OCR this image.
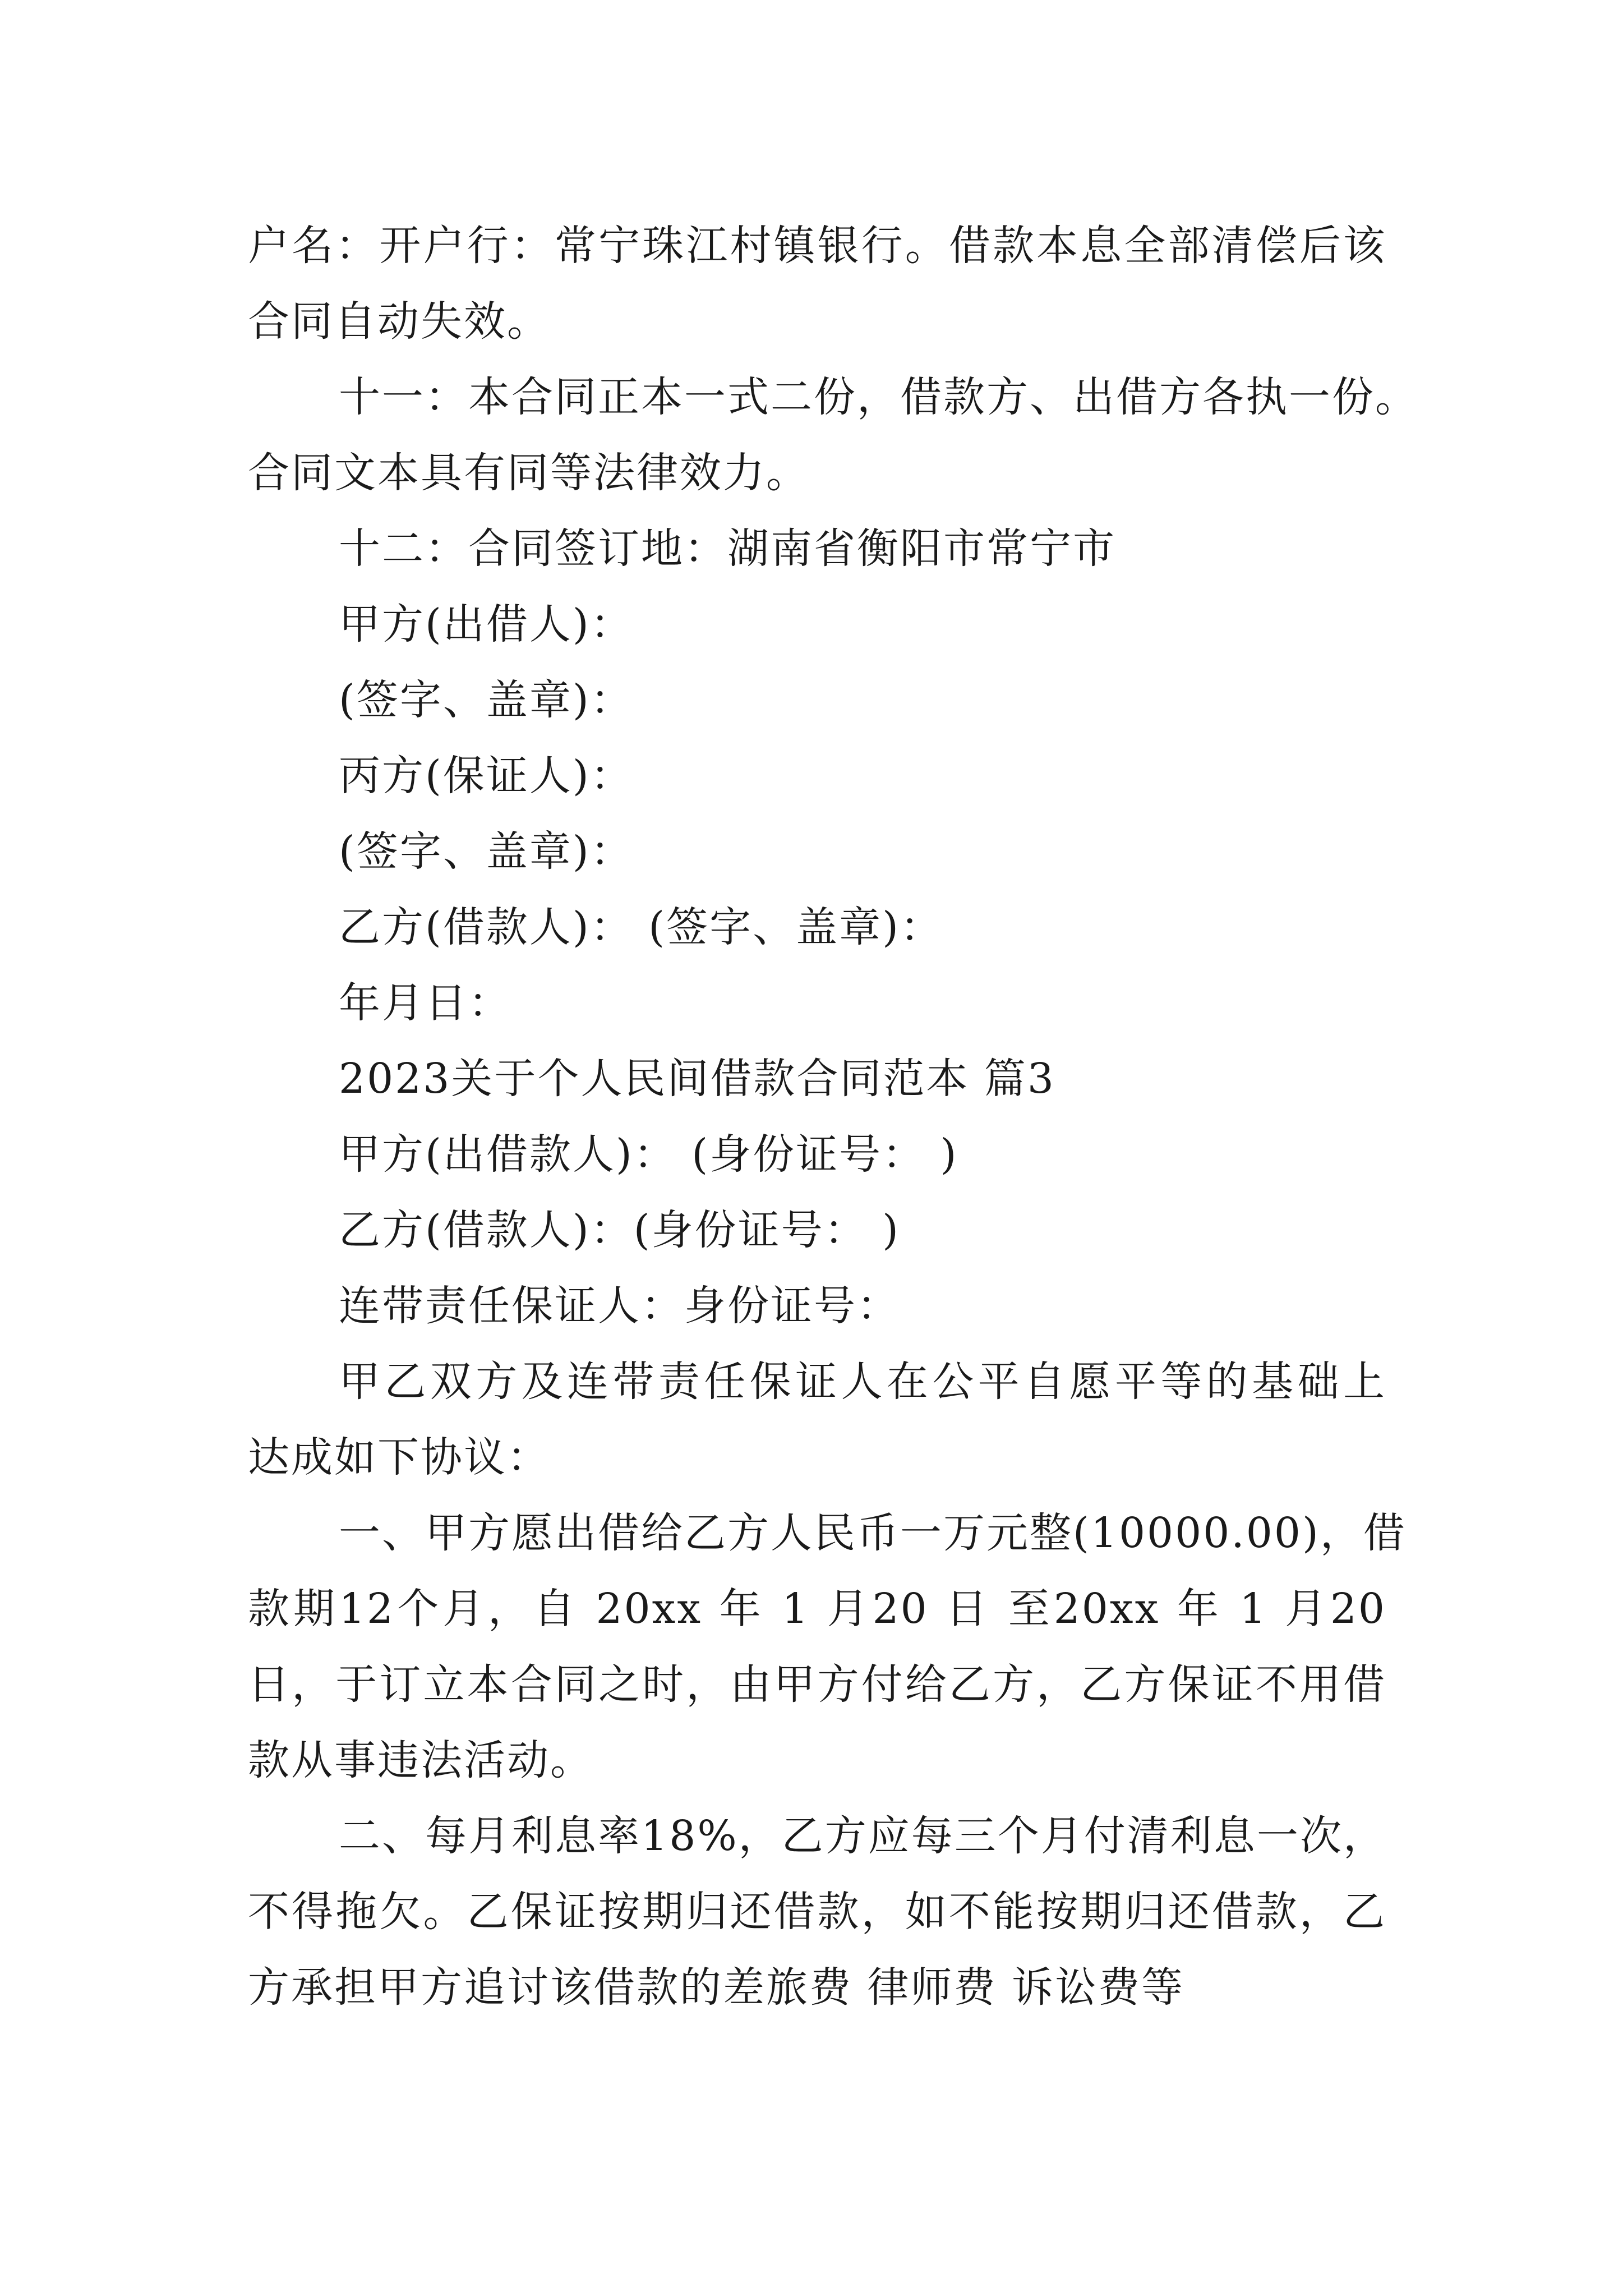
户名：开户行：常宁珠江村镇银行。借款本息全部清偿后该
合同自动失效。
十一：本合同正本一式二份，借款方、出借方各执一份。
合同文本具有同等法律效力。
十二：合同签订地：湖南省衡阳市常宁市
甲方(出借人)：
(签字、盖章)：
丙方(保证人)：
(签字、盖章)：
乙方(借款人)： (签字、盖章)：
年月日：
2023关于个人民间借款合同范本 篇3
甲方(出借款人)： (身份证号： )
乙方(借款人)：(身份证号： )
连带责任保证人：身份证号：
甲乙双方及连带责任保证人在公平自愿平等的基础上
达成如下协议：
一、甲方愿出借给乙方人民币一万元整(10000.00)，借
款期12个月，自 20xx 年 1 月20 日 至20xx 年 1 月20
日，于订立本合同之时，由甲方付给乙方，乙方保证不用借
款从事违法活动。
二、每月利息率18%，乙方应每三个月付清利息一次，
不得拖欠。乙保证按期归还借款，如不能按期归还借款，乙
方承担甲方追讨该借款的差旅费 律师费 诉讼费等
